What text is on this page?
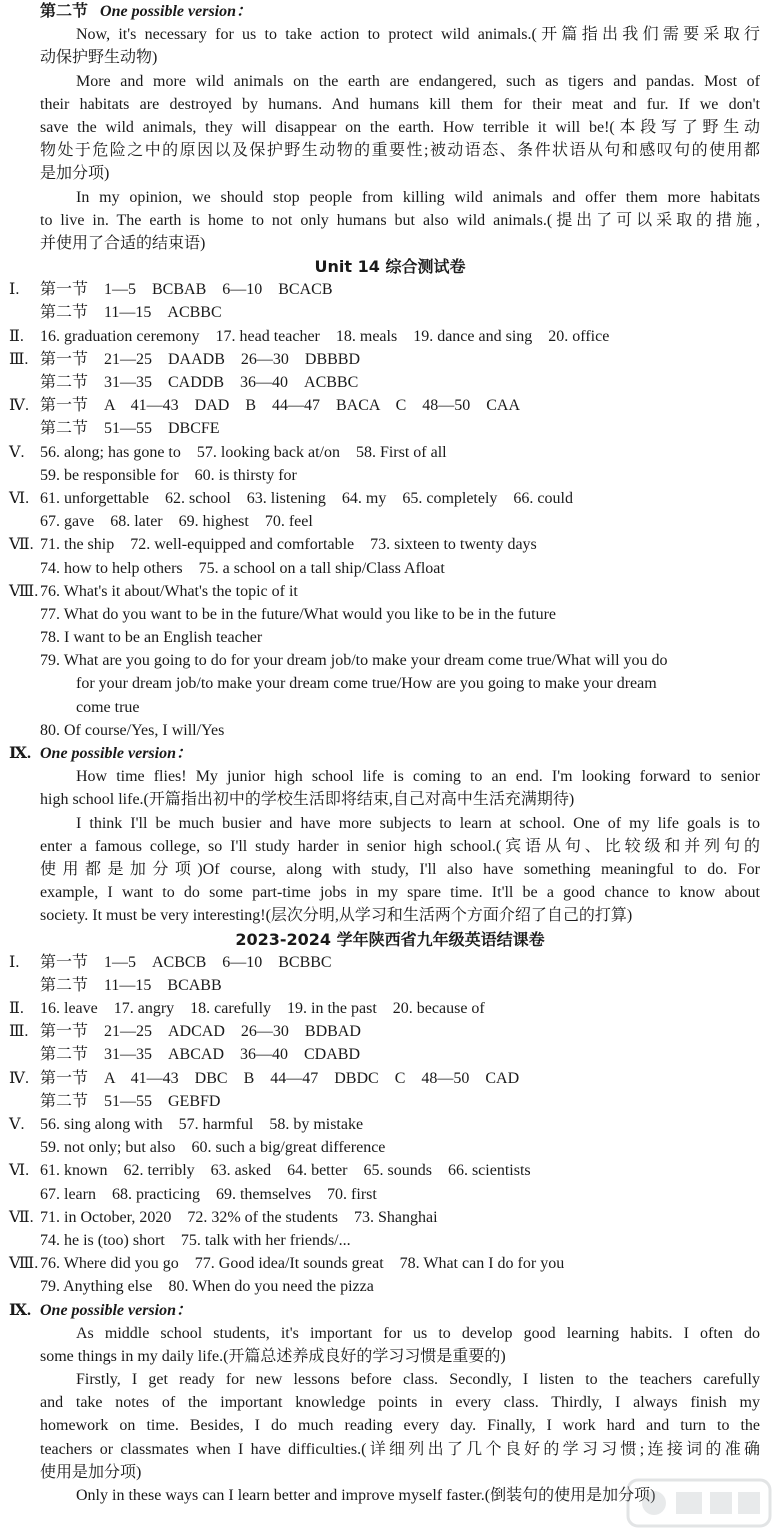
第二节 One possible version：
Now, it's necessary for us to take action to protect wild animals.(开篇指出我们需要采取行
动保护野生动物)
More and more wild animals on the earth are endangered, such as tigers and pandas. Most of
their habitats are destroyed by humans. And humans kill them for their meat and fur. If we don't
save the wild animals, they will disappear on the earth. How terrible it will be!(本段写了野生动
物处于危险之中的原因以及保护野生动物的重要性;被动语态、条件状语从句和感叹句的使用都
是加分项)
In my opinion, we should stop people from killing wild animals and offer them more habitats
to live in. The earth is home to not only humans but also wild animals.(提出了可以采取的措施,
并使用了合适的结束语)
Unit 14 综合测试卷
Ⅰ. 第一节　1—5　BCBAB　6—10　BCACB
第二节　11—15　ACBBC
Ⅱ. 16. graduation ceremony　17. head teacher　18. meals　19. dance and sing　20. office
Ⅲ. 第一节　21—25　DAADB　26—30　DBBBD
第二节　31—35　CADDB　36—40　ACBBC
Ⅳ. 第一节　A　41—43　DAD　B　44—47　BACA　C　48—50　CAA
第二节　51—55　DBCFE
Ⅴ. 56. along; has gone to　57. looking back at/on　58. First of all
59. be responsible for　60. is thirsty for
Ⅵ. 61. unforgettable　62. school　63. listening　64. my　65. completely　66. could
67. gave　68. later　69. highest　70. feel
Ⅶ. 71. the ship　72. well-equipped and comfortable　73. sixteen to twenty days
74. how to help others　75. a school on a tall ship/Class Afloat
Ⅷ. 76. What's it about/What's the topic of it
77. What do you want to be in the future/What would you like to be in the future
78. I want to be an English teacher
79. What are you going to do for your dream job/to make your dream come true/What will you do
for your dream job/to make your dream come true/How are you going to make your dream
come true
80. Of course/Yes, I will/Yes
Ⅸ. One possible version：
How time flies! My junior high school life is coming to an end. I'm looking forward to senior
high school life.(开篇指出初中的学校生活即将结束,自己对高中生活充满期待)
I think I'll be much busier and have more subjects to learn at school. One of my life goals is to
enter a famous college, so I'll study harder in senior high school.(宾语从句、比较级和并列句的
使用都是加分项)Of course, along with study, I'll also have something meaningful to do. For
example, I want to do some part-time jobs in my spare time. It'll be a good chance to know about
society. It must be very interesting!(层次分明,从学习和生活两个方面介绍了自己的打算)
2023-2024 学年陕西省九年级英语结课卷
Ⅰ. 第一节　1—5　ACBCB　6—10　BCBBC
第二节　11—15　BCABB
Ⅱ. 16. leave　17. angry　18. carefully　19. in the past　20. because of
Ⅲ. 第一节　21—25　ADCAD　26—30　BDBAD
第二节　31—35　ABCAD　36—40　CDABD
Ⅳ. 第一节　A　41—43　DBC　B　44—47　DBDC　C　48—50　CAD
第二节　51—55　GEBFD
Ⅴ. 56. sing along with　57. harmful　58. by mistake
59. not only; but also　60. such a big/great difference
Ⅵ. 61. known　62. terribly　63. asked　64. better　65. sounds　66. scientists
67. learn　68. practicing　69. themselves　70. first
Ⅶ. 71. in October, 2020　72. 32% of the students　73. Shanghai
74. he is (too) short　75. talk with her friends/...
Ⅷ. 76. Where did you go　77. Good idea/It sounds great　78. What can I do for you
79. Anything else　80. When do you need the pizza
Ⅸ. One possible version：
As middle school students, it's important for us to develop good learning habits. I often do
some things in my daily life.(开篇总述养成良好的学习习惯是重要的)
Firstly, I get ready for new lessons before class. Secondly, I listen to the teachers carefully
and take notes of the important knowledge points in every class. Thirdly, I always finish my
homework on time. Besides, I do much reading every day. Finally, I work hard and turn to the
teachers or classmates when I have difficulties.(详细列出了几个良好的学习习惯;连接词的准确
使用是加分项)
Only in these ways can I learn better and improve myself faster.(倒装句的使用是加分项)
